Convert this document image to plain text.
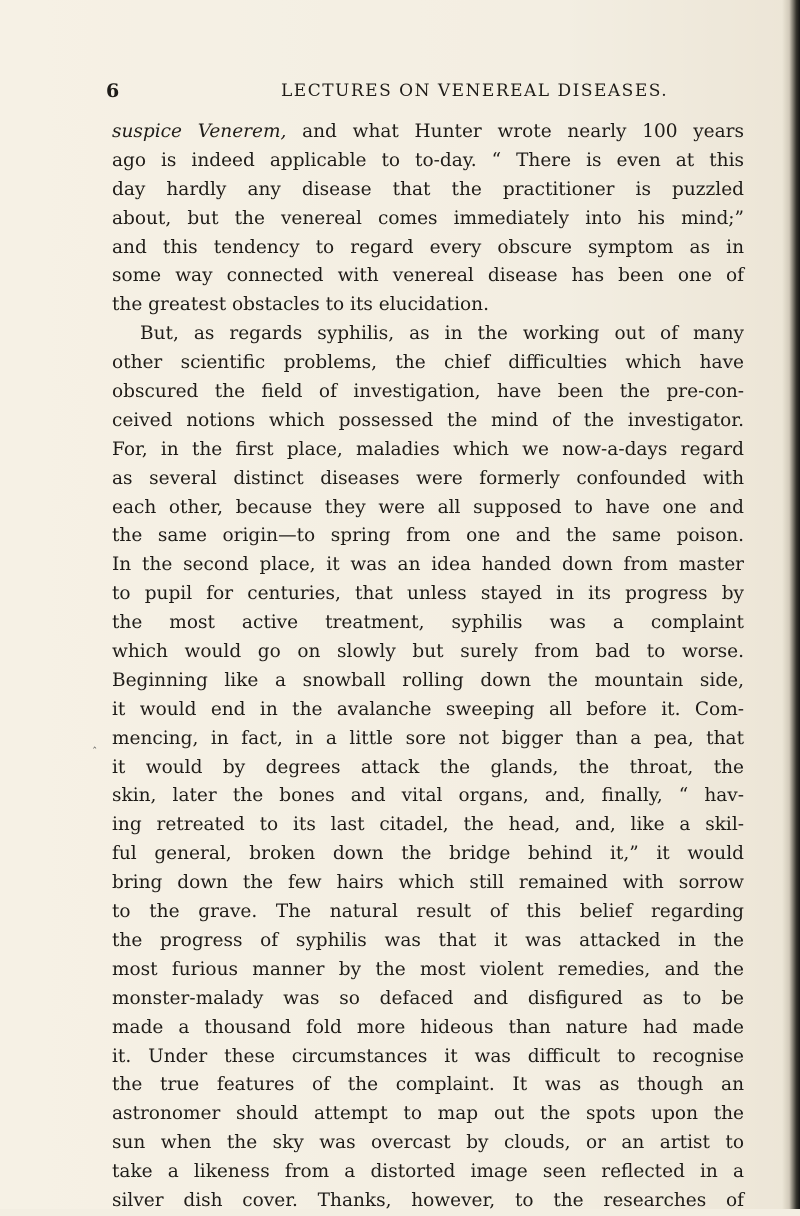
6	LECTURES ON VENEREAL DISEASES.
‸
suspice Venerem, and what Hunter wrote nearly 100 years
ago is indeed applicable to to-day. “ There is even at this
day hardly any disease that the practitioner is puzzled
about, but the venereal comes immediately into his mind;”
and this tendency to regard every obscure symptom as in
some way connected with venereal disease has been one of
the greatest obstacles to its elucidation.
But, as regards syphilis, as in the working out of many
other scientific problems, the chief difficulties which have
obscured the field of investigation, have been the pre-con-
ceived notions which possessed the mind of the investigator.
For, in the first place, maladies which we now-a-days regard
as several distinct diseases were formerly confounded with
each other, because they were all supposed to have one and
the same origin—to spring from one and the same poison.
In the second place, it was an idea handed down from master
to pupil for centuries, that unless stayed in its progress by
the most active treatment, syphilis was a complaint
which would go on slowly but surely from bad to worse.
Beginning like a snowball rolling down the mountain side,
it would end in the avalanche sweeping all before it. Com-
mencing, in fact, in a little sore not bigger than a pea, that
it would by degrees attack the glands, the throat, the
skin, later the bones and vital organs, and, finally, “ hav-
ing retreated to its last citadel, the head, and, like a skil-
ful general, broken down the bridge behind it,” it would
bring down the few hairs which still remained with sorrow
to the grave. The natural result of this belief regarding
the progress of syphilis was that it was attacked in the
most furious manner by the most violent remedies, and the
monster-malady was so defaced and disfigured as to be
made a thousand fold more hideous than nature had made
it. Under these circumstances it was difficult to recognise
the true features of the complaint. It was as though an
astronomer should attempt to map out the spots upon the
sun when the sky was overcast by clouds, or an artist to
take a likeness from a distorted image seen reflected in a
silver dish cover. Thanks, however, to the researches of
